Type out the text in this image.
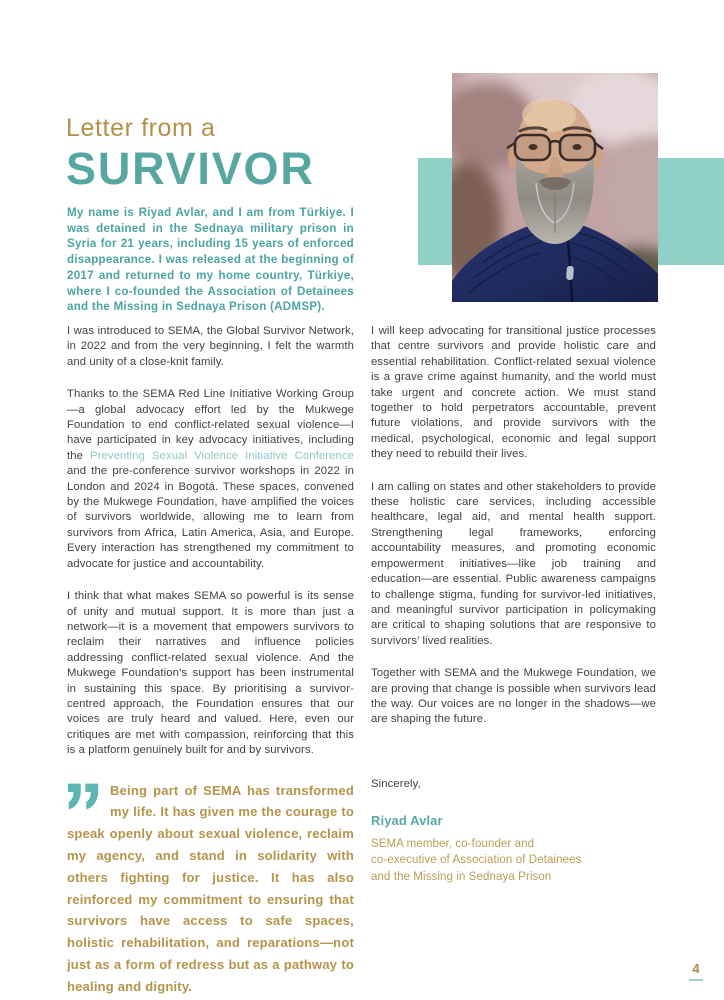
Letter from a
SURVIVOR

My name is Riyad Avlar, and I am from Türkiye. I was detained in the Sednaya military prison in Syria for 21 years, including 15 years of enforced disappearance. I was released at the beginning of 2017 and returned to my home country, Türkiye, where I co-founded the Association of Detainees and the Missing in Sednaya Prison (ADMSP).

I was introduced to SEMA, the Global Survivor Network, in 2022 and from the very beginning, I felt the warmth and unity of a close-knit family.

Thanks to the SEMA Red Line Initiative Working Group—a global advocacy effort led by the Mukwege Foundation to end conflict-related sexual violence—I have participated in key advocacy initiatives, including the Preventing Sexual Violence Initiative Conference and the pre-conference survivor workshops in 2022 in London and 2024 in Bogotá. These spaces, convened by the Mukwege Foundation, have amplified the voices of survivors worldwide, allowing me to learn from survivors from Africa, Latin America, Asia, and Europe. Every interaction has strengthened my commitment to advocate for justice and accountability.

I think that what makes SEMA so powerful is its sense of unity and mutual support. It is more than just a network—it is a movement that empowers survivors to reclaim their narratives and influence policies addressing conflict-related sexual violence. And the Mukwege Foundation’s support has been instrumental in sustaining this space. By prioritising a survivor-centred approach, the Foundation ensures that our voices are truly heard and valued. Here, even our critiques are met with compassion, reinforcing that this is a platform genuinely built for and by survivors.

Being part of SEMA has transformed my life. It has given me the courage to speak openly about sexual violence, reclaim my agency, and stand in solidarity with others fighting for justice. It has also reinforced my commitment to ensuring that survivors have access to safe spaces, holistic rehabilitation, and reparations—not just as a form of redress but as a pathway to healing and dignity.

I will keep advocating for transitional justice processes that centre survivors and provide holistic care and essential rehabilitation. Conflict-related sexual violence is a grave crime against humanity, and the world must take urgent and concrete action. We must stand together to hold perpetrators accountable, prevent future violations, and provide survivors with the medical, psychological, economic and legal support they need to rebuild their lives.

I am calling on states and other stakeholders to provide these holistic care services, including accessible healthcare, legal aid, and mental health support. Strengthening legal frameworks, enforcing accountability measures, and promoting economic empowerment initiatives—like job training and education—are essential. Public awareness campaigns to challenge stigma, funding for survivor-led initiatives, and meaningful survivor participation in policymaking are critical to shaping solutions that are responsive to survivors’ lived realities.

Together with SEMA and the Mukwege Foundation, we are proving that change is possible when survivors lead the way. Our voices are no longer in the shadows—we are shaping the future.

Sincerely,

Riyad Avlar
SEMA member, co-founder and
co-executive of Association of Detainees
and the Missing in Sednaya Prison
4
